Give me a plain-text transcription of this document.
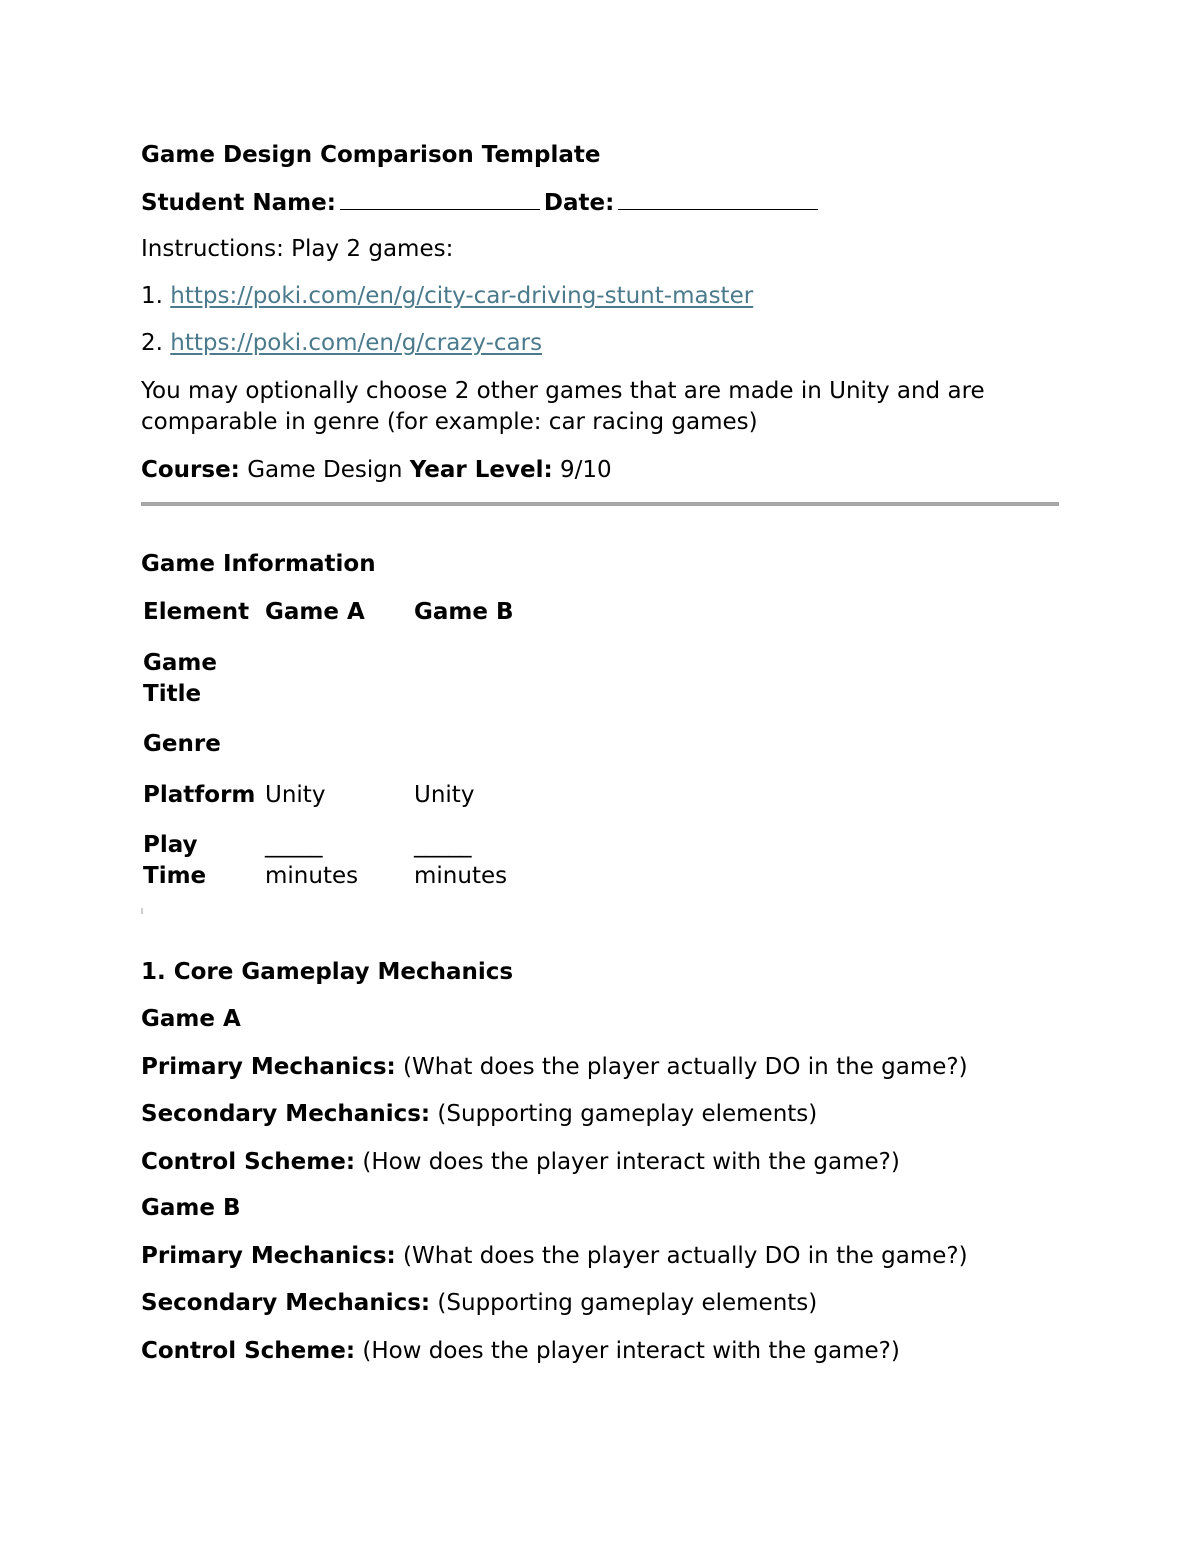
Game Design Comparison Template
Student Name:	Date:
Instructions: Play 2 games:
1. https://poki.com/en/g/city-car-driving-stunt-master
2. https://poki.com/en/g/crazy-cars
You may optionally choose 2 other games that are made in Unity and are
comparable in genre (for example: car racing games)
Course: Game Design Year Level: 9/10
Game Information
Element Game A Game B
Game
Title
Genre
Platform Unity	Unity
Play
Time
_____
minutes
_____
minutes
1. Core Gameplay Mechanics
Game A
Primary Mechanics: (What does the player actually DO in the game?)
Secondary Mechanics: (Supporting gameplay elements)
Control Scheme: (How does the player interact with the game?)
Game B
Primary Mechanics: (What does the player actually DO in the game?)
Secondary Mechanics: (Supporting gameplay elements)
Control Scheme: (How does the player interact with the game?)
